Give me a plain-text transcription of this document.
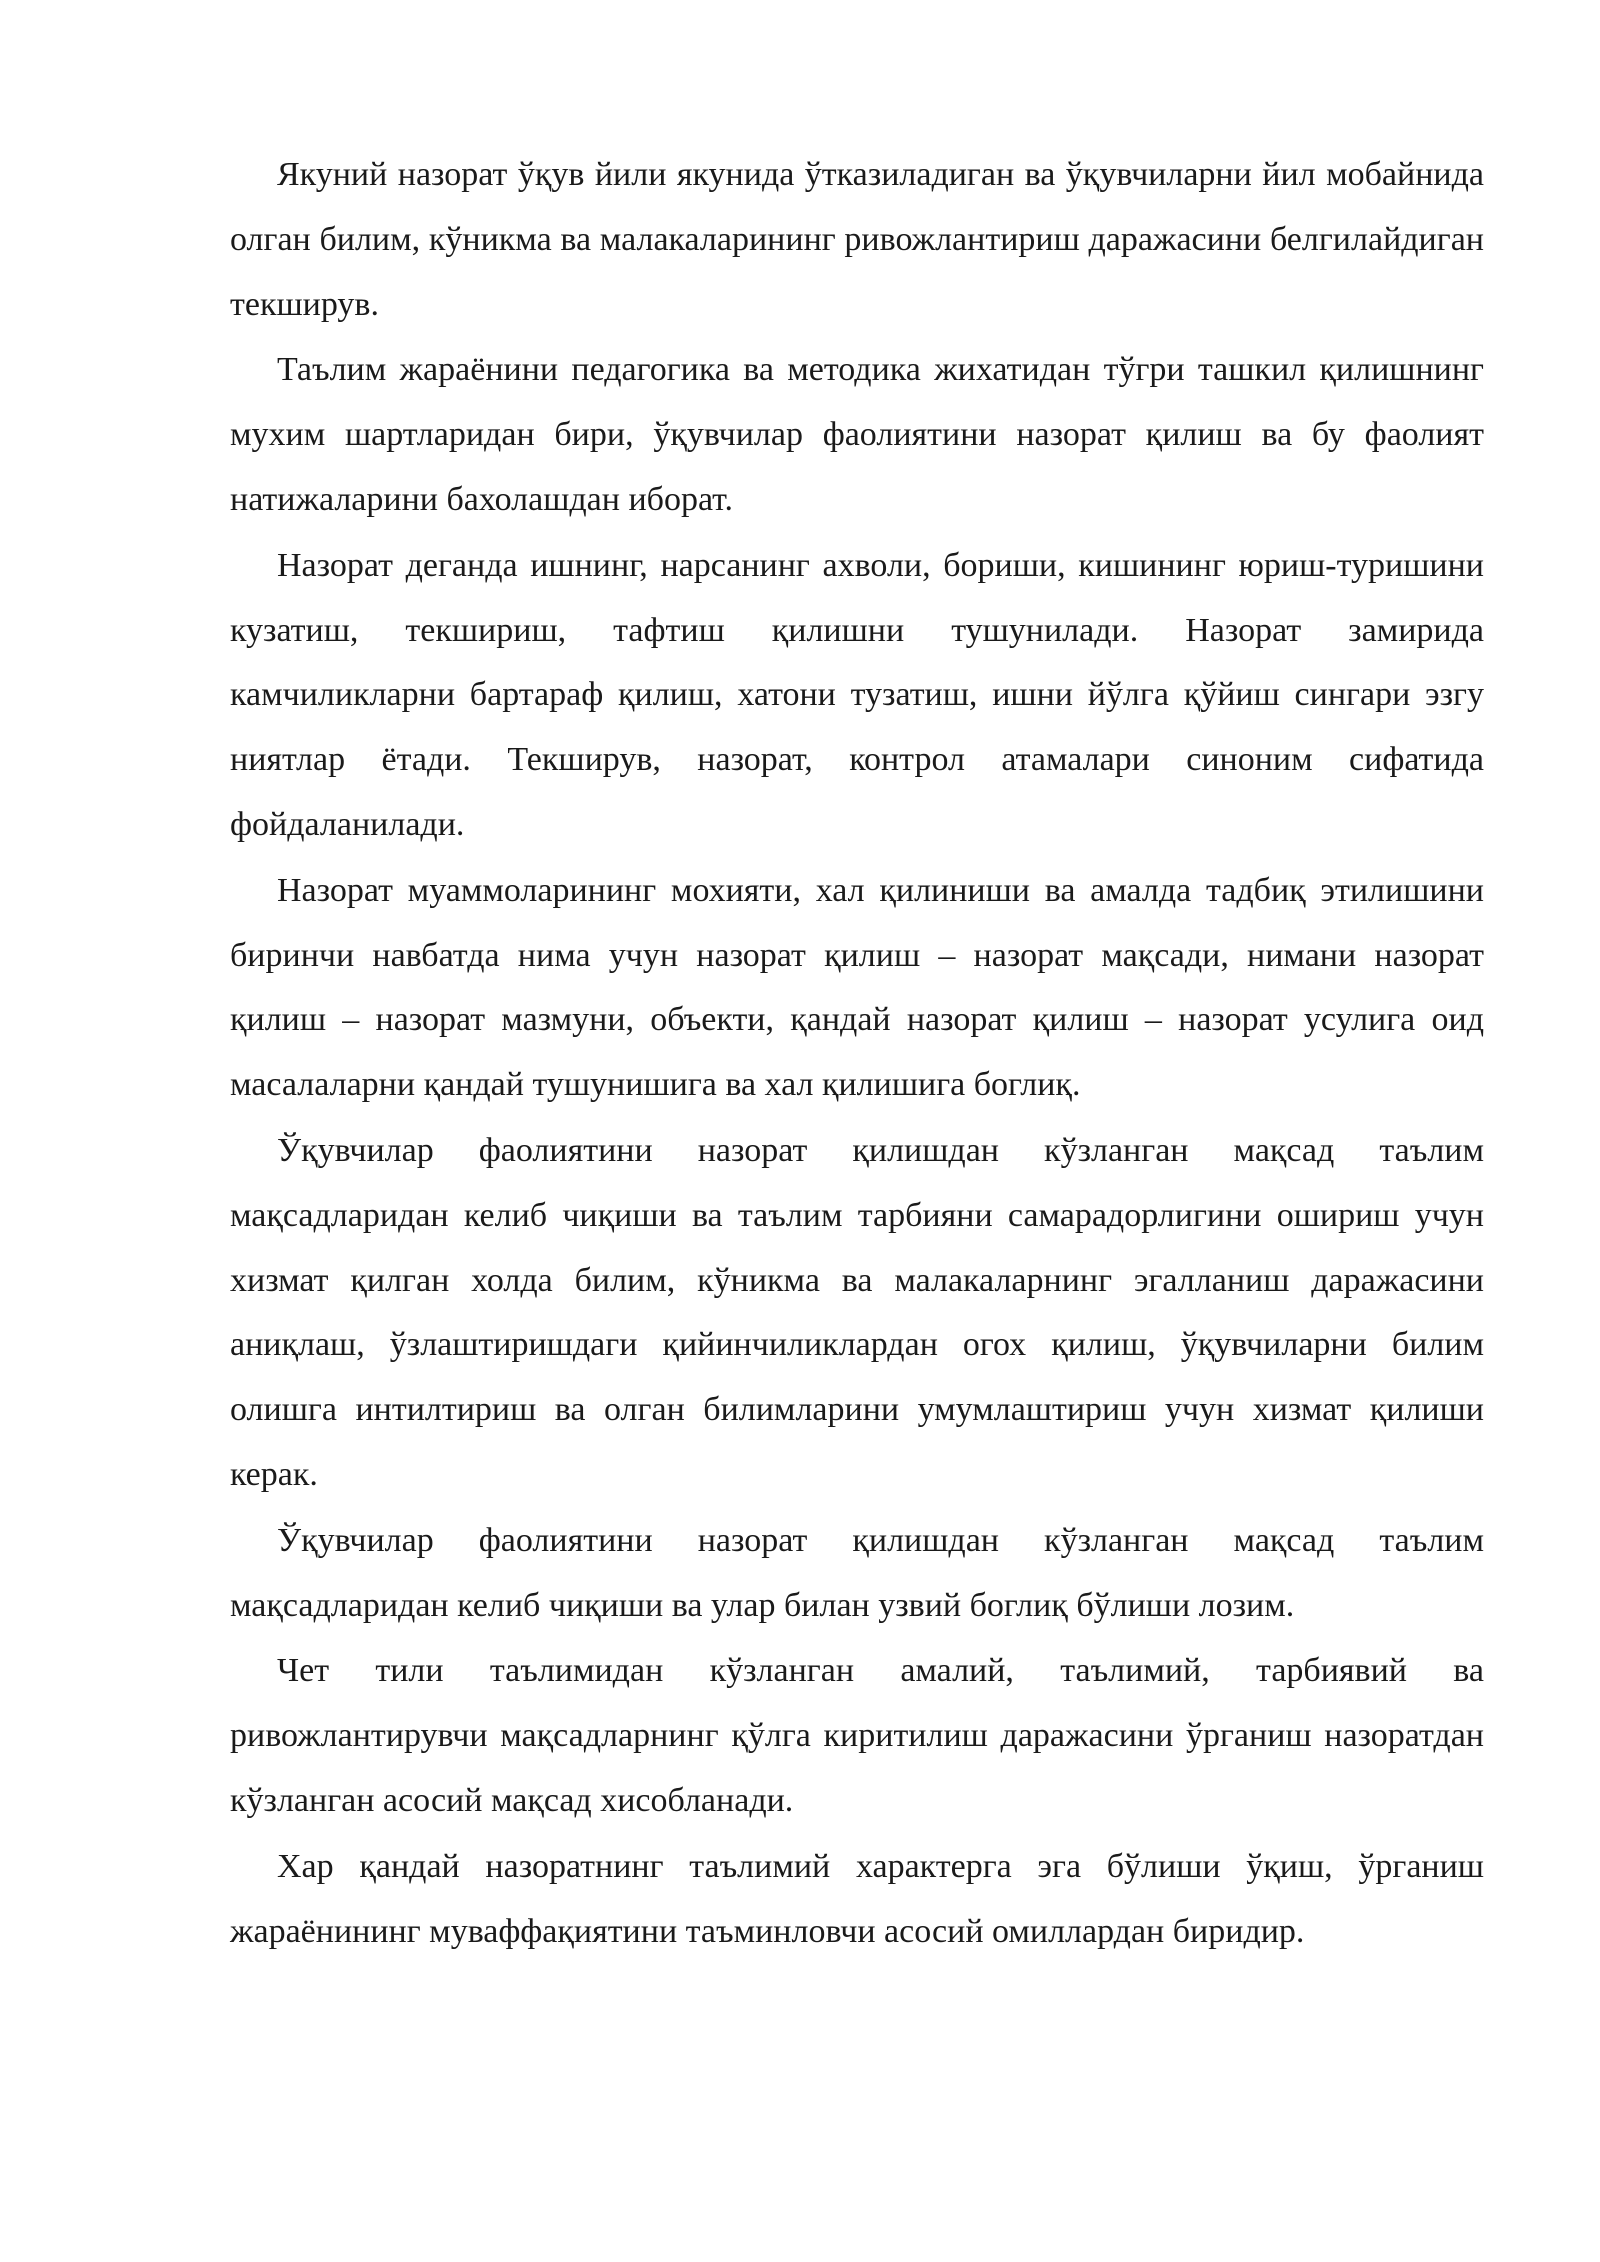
Якуний назорат ўқув йили якунида ўтказиладиган ва ўқувчиларни йил мобайнида олган билим, кўникма ва малакаларининг ривожлантириш даражасини белгилайдиган текширув.

Таълим жараёнини педагогика ва методика жихатидан тўгри ташкил қилишнинг мухим шартларидан бири, ўқувчилар фаолиятини назорат қилиш ва бу фаолият натижаларини бахолашдан иборат.

Назорат деганда ишнинг, нарсанинг ахволи, бориши, кишининг юриш-туришини кузатиш, текшириш, тафтиш қилишни тушунилади. Назорат замирида камчиликларни бартараф қилиш, хатони тузатиш, ишни йўлга қўйиш сингари эзгу ниятлар ётади. Текширув, назорат, контрол атамалари синоним сифатида фойдаланилади.

Назорат муаммоларининг мохияти, хал қилиниши ва амалда тадбиқ этилишини биринчи навбатда нима учун назорат қилиш – назорат мақсади, нимани назорат қилиш – назорат мазмуни, объекти, қандай назорат қилиш – назорат усулига оид масалаларни қандай тушунишига ва хал қилишига боглиқ.

Ўқувчилар фаолиятини назорат қилишдан кўзланган мақсад таълим мақсадларидан келиб чиқиши ва таълим тарбияни самарадорлигини ошириш учун хизмат қилган холда билим, кўникма ва малакаларнинг эгалланиш даражасини аниқлаш, ўзлаштиришдаги қийинчиликлардан огох қилиш, ўқувчиларни билим олишга интилтириш ва олган билимларини умумлаштириш учун хизмат қилиши керак.

Ўқувчилар фаолиятини назорат қилишдан кўзланган мақсад таълим мақсадларидан келиб чиқиши ва улар билан узвий боглиқ бўлиши лозим.

Чет тили таълимидан кўзланган амалий, таълимий, тарбиявий ва ривожлантирувчи мақсадларнинг қўлга киритилиш даражасини ўрганиш назоратдан кўзланган асосий мақсад хисобланади.

Хар қандай назоратнинг таълимий характерга эга бўлиши ўқиш, ўрганиш жараёнининг муваффақиятини таъминловчи асосий омиллардан биридир.
